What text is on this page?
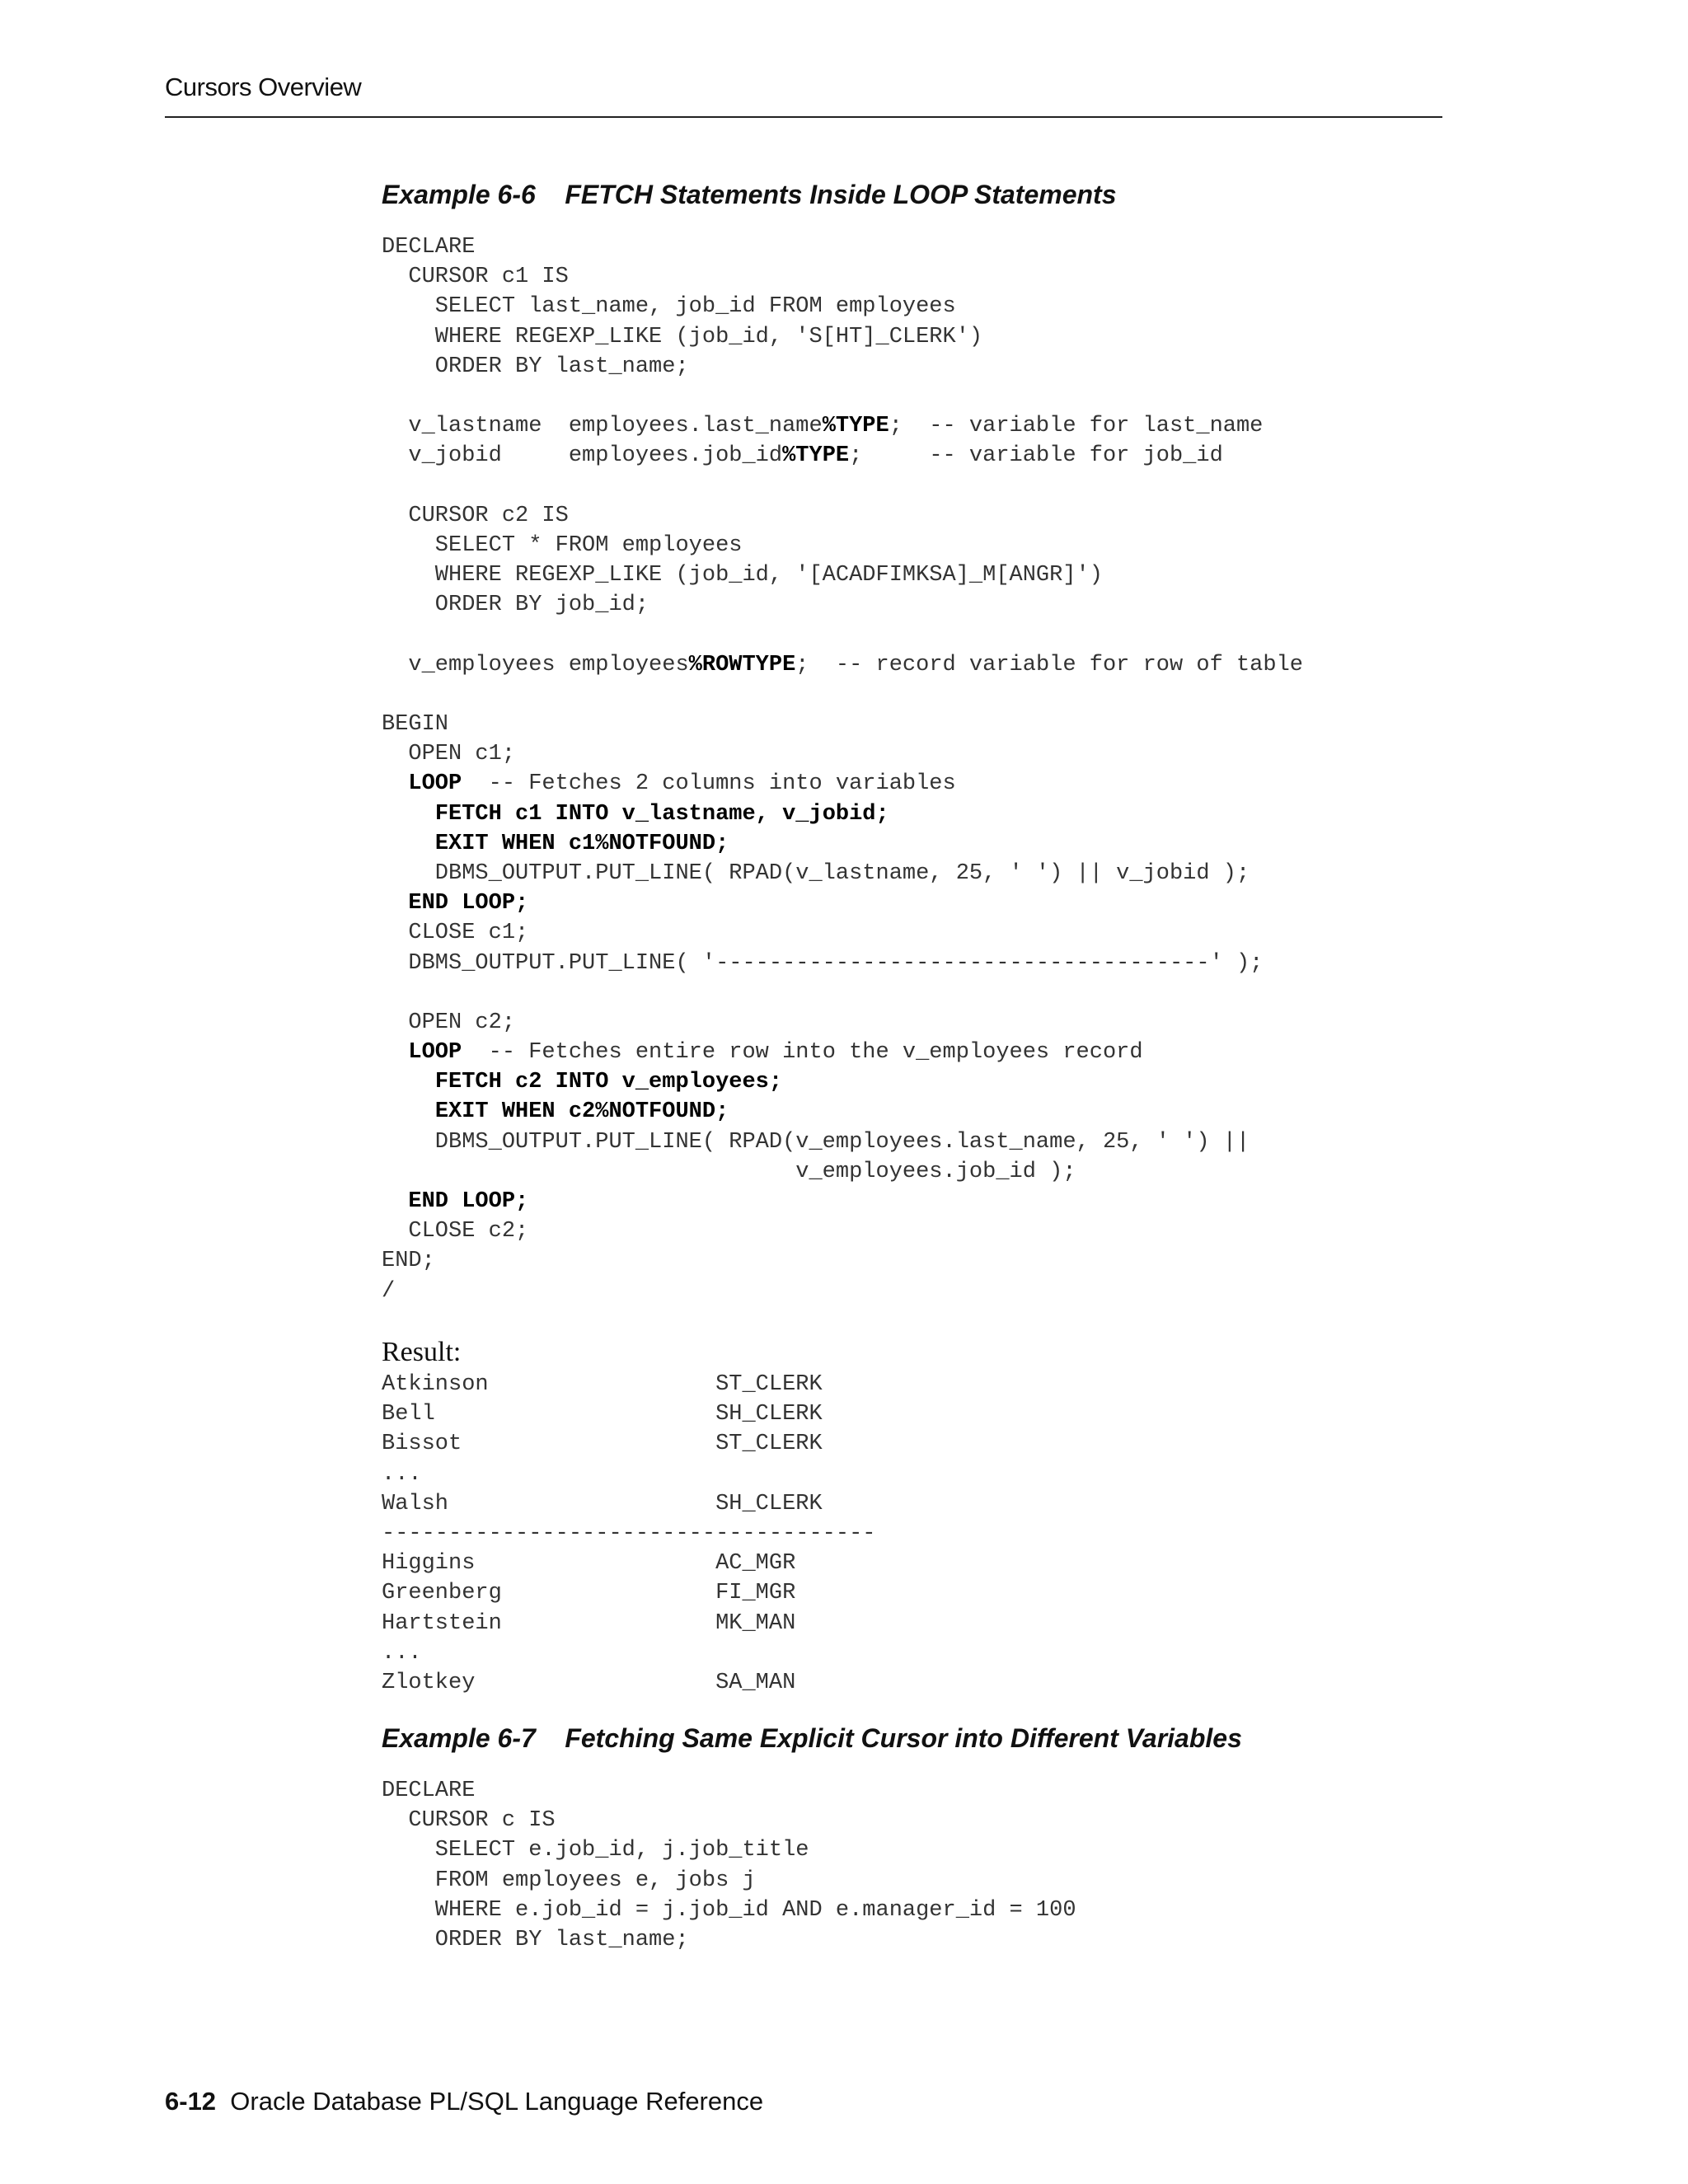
Cursors Overview
Example 6-6 FETCH Statements Inside LOOP Statements
DECLARE
CURSOR c1 IS
SELECT last_name, job_id FROM employees
WHERE REGEXP_LIKE (job_id, 'S[HT]_CLERK')
ORDER BY last_name;

v_lastname  employees.last_name%TYPE;  -- variable for last_name
v_jobid     employees.job_id%TYPE;     -- variable for job_id

CURSOR c2 IS
SELECT * FROM employees
WHERE REGEXP_LIKE (job_id, '[ACADFIMKSA]_M[ANGR]')
ORDER BY job_id;

v_employees employees%ROWTYPE;  -- record variable for row of table

BEGIN
OPEN c1;
LOOP  -- Fetches 2 columns into variables
FETCH c1 INTO v_lastname, v_jobid;
EXIT WHEN c1%NOTFOUND;
DBMS_OUTPUT.PUT_LINE( RPAD(v_lastname, 25, ' ') || v_jobid );
END LOOP;
CLOSE c1;
DBMS_OUTPUT.PUT_LINE( '-------------------------------------' );

OPEN c2;
LOOP  -- Fetches entire row into the v_employees record
FETCH c2 INTO v_employees;
EXIT WHEN c2%NOTFOUND;
DBMS_OUTPUT.PUT_LINE( RPAD(v_employees.last_name, 25, ' ') ||
v_employees.job_id );
END LOOP;
CLOSE c2;
END;
/
Result:
Atkinson                 ST_CLERK
Bell                     SH_CLERK
Bissot                   ST_CLERK
...
Walsh                    SH_CLERK
-------------------------------------
Higgins                  AC_MGR
Greenberg                FI_MGR
Hartstein                MK_MAN
...
Zlotkey                  SA_MAN
Example 6-7 Fetching Same Explicit Cursor into Different Variables
DECLARE
CURSOR c IS
SELECT e.job_id, j.job_title
FROM employees e, jobs j
WHERE e.job_id = j.job_id AND e.manager_id = 100
ORDER BY last_name;
6-12 Oracle Database PL/SQL Language Reference
